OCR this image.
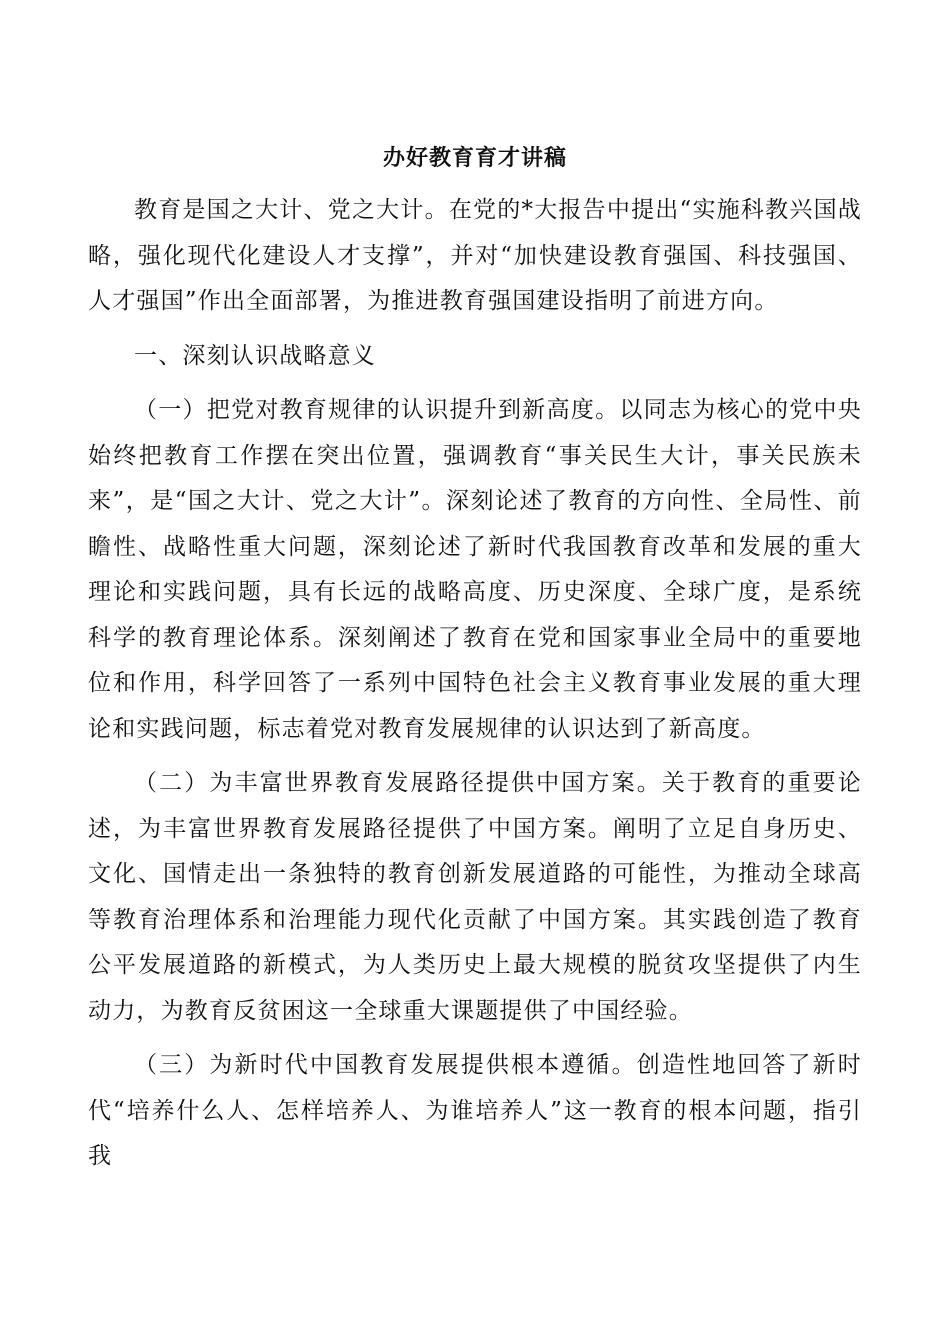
办好教育育才讲稿

教育是国之大计、党之大计。在党的*大报告中提出“实施科教兴国战略，强化现代化建设人才支撑”，并对“加快建设教育强国、科技强国、人才强国”作出全面部署，为推进教育强国建设指明了前进方向。

一、深刻认识战略意义

（一）把党对教育规律的认识提升到新高度。以同志为核心的党中央始终把教育工作摆在突出位置，强调教育“事关民生大计，事关民族未来”，是“国之大计、党之大计”。深刻论述了教育的方向性、全局性、前瞻性、战略性重大问题，深刻论述了新时代我国教育改革和发展的重大理论和实践问题，具有长远的战略高度、历史深度、全球广度，是系统科学的教育理论体系。深刻阐述了教育在党和国家事业全局中的重要地位和作用，科学回答了一系列中国特色社会主义教育事业发展的重大理论和实践问题，标志着党对教育发展规律的认识达到了新高度。

（二）为丰富世界教育发展路径提供中国方案。关于教育的重要论述，为丰富世界教育发展路径提供了中国方案。阐明了立足自身历史、文化、国情走出一条独特的教育创新发展道路的可能性，为推动全球高等教育治理体系和治理能力现代化贡献了中国方案。其实践创造了教育公平发展道路的新模式，为人类历史上最大规模的脱贫攻坚提供了内生动力，为教育反贫困这一全球重大课题提供了中国经验。

（三）为新时代中国教育发展提供根本遵循。创造性地回答了新时代“培养什么人、怎样培养人、为谁培养人”这一教育的根本问题，指引我
